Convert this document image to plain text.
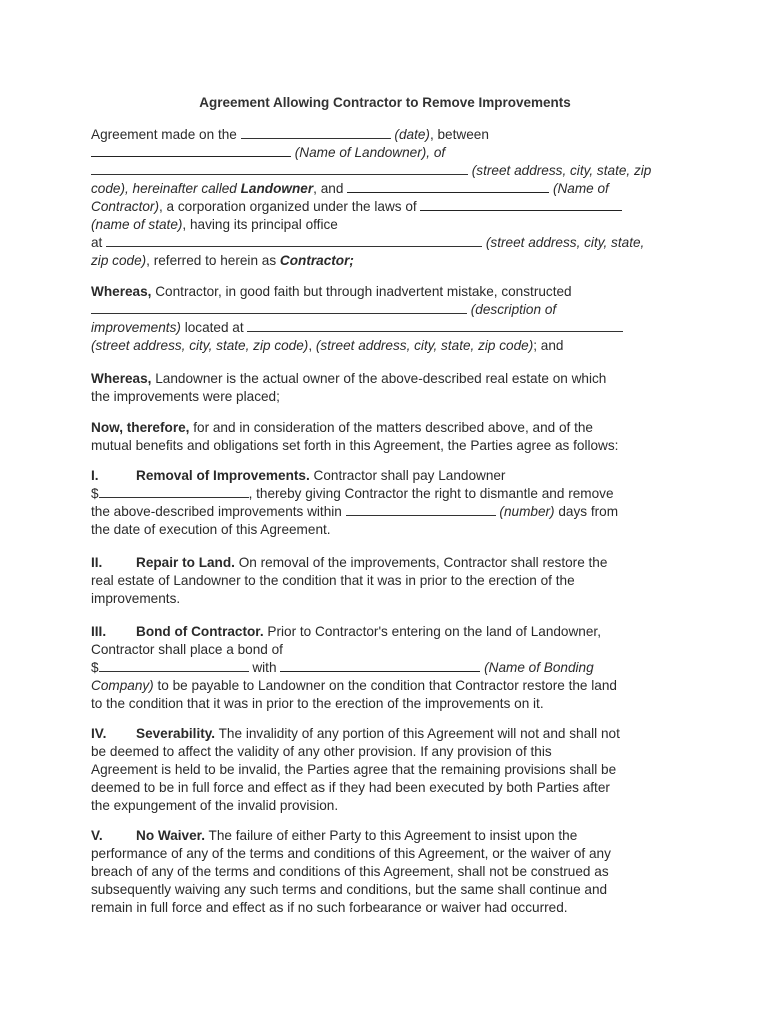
Agreement Allowing Contractor to Remove Improvements
Agreement made on the	(date), between
(Name of Landowner), of
(street address, city, state, zip
code), hereinafter called Landowner, and	(Name of
Contractor), a corporation organized under the laws of
(name of state), having its principal office
at	(street address, city, state,
zip code), referred to herein as Contractor;
Whereas, Contractor, in good faith but through inadvertent mistake, constructed
(description of
improvements) located at
(street address, city, state, zip code), (street address, city, state, zip code); and
Whereas, Landowner is the actual owner of the above-described real estate on which
the improvements were placed;
Now, therefore, for and in consideration of the matters described above, and of the
mutual benefits and obligations set forth in this Agreement, the Parties agree as follows:
I.	Removal of Improvements. Contractor shall pay Landowner
$	, thereby giving Contractor the right to dismantle and remove
the above-described improvements within	(number) days from
the date of execution of this Agreement.
II. Repair to Land. On removal of the improvements, Contractor shall restore the
real estate of Landowner to the condition that it was in prior to the erection of the
improvements.
III. Bond of Contractor. Prior to Contractor's entering on the land of Landowner,
Contractor shall place a bond of
$	with	(Name of Bonding
Company) to be payable to Landowner on the condition that Contractor restore the land
to the condition that it was in prior to the erection of the improvements on it.
IV. Severability. The invalidity of any portion of this Agreement will not and shall not
be deemed to affect the validity of any other provision. If any provision of this
Agreement is held to be invalid, the Parties agree that the remaining provisions shall be
deemed to be in full force and effect as if they had been executed by both Parties after
the expungement of the invalid provision.
V. No Waiver. The failure of either Party to this Agreement to insist upon the
performance of any of the terms and conditions of this Agreement, or the waiver of any
breach of any of the terms and conditions of this Agreement, shall not be construed as
subsequently waiving any such terms and conditions, but the same shall continue and
remain in full force and effect as if no such forbearance or waiver had occurred.
